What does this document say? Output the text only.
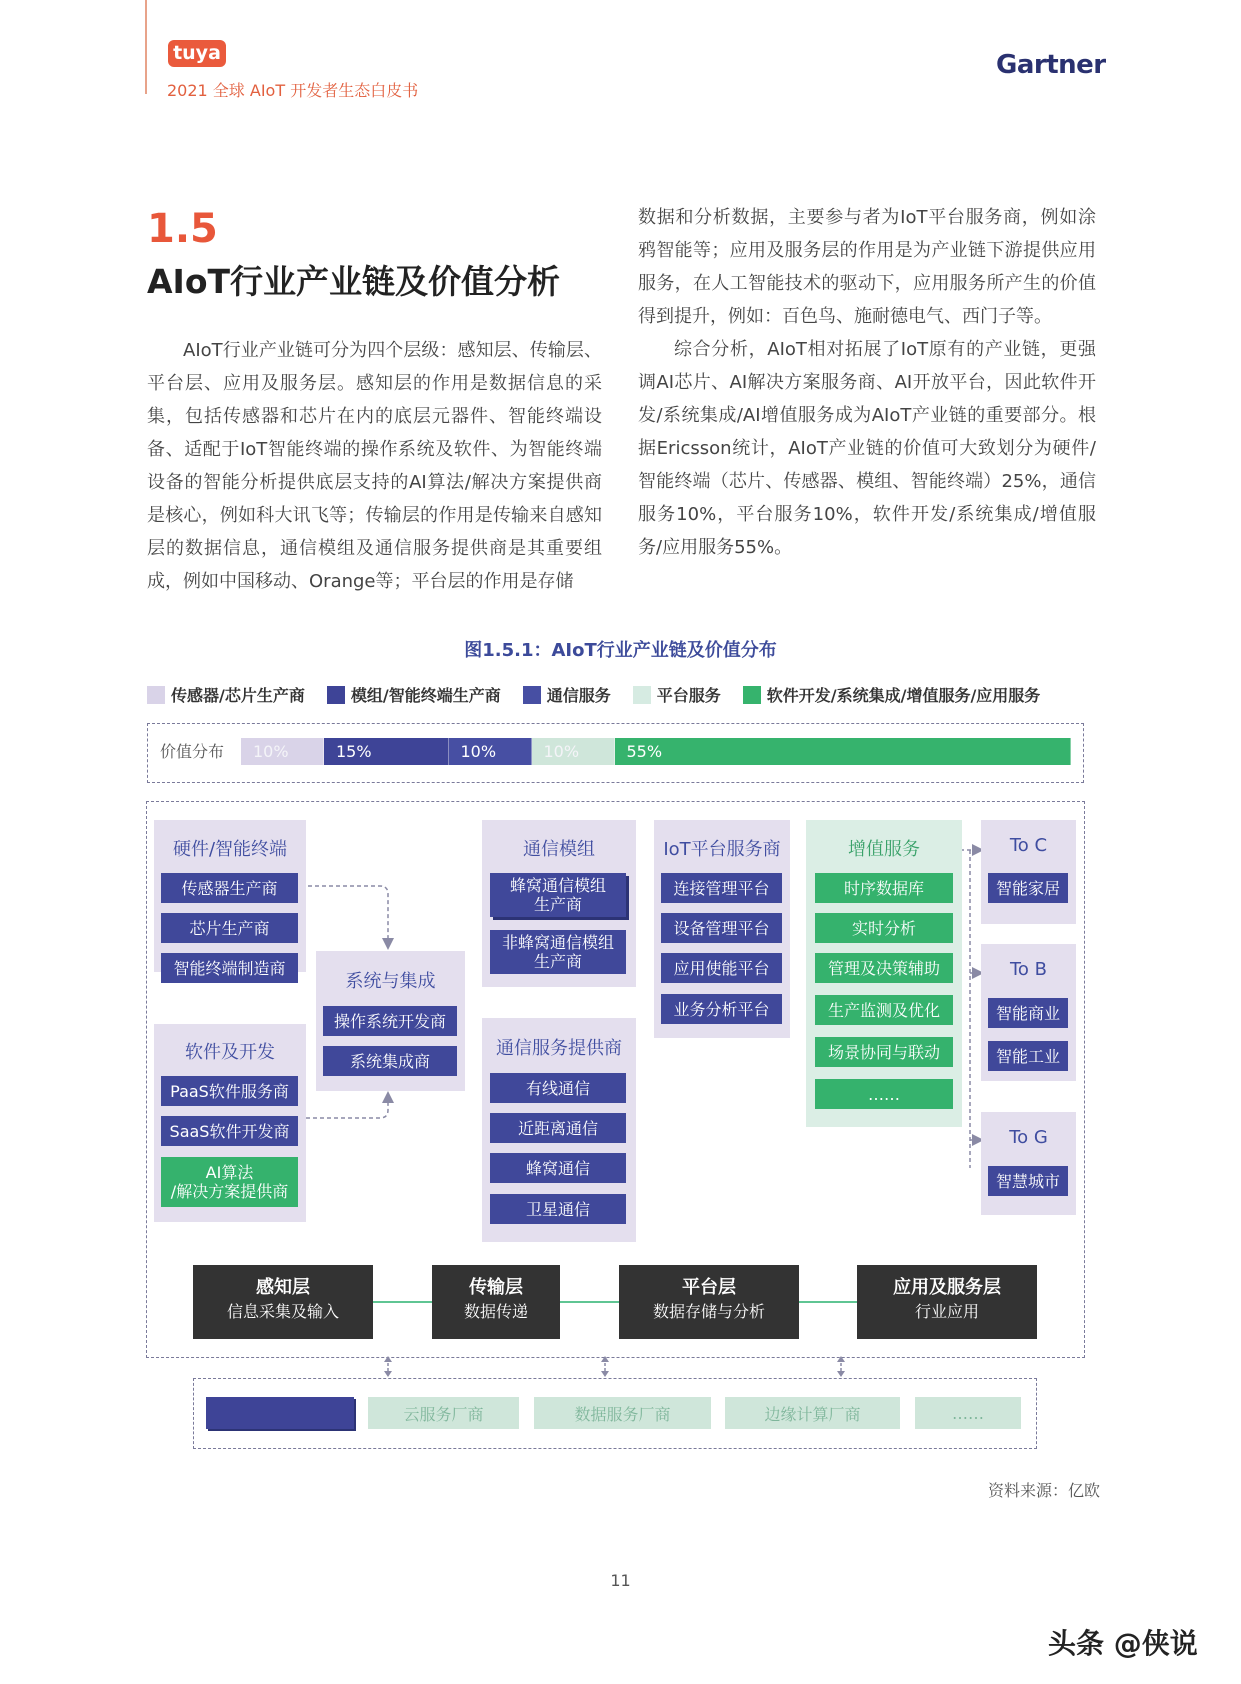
tuya
2021 全球 AIoT 开发者生态白皮书
Gartner
1.5
AIoT行业产业链及价值分析
AIoT行业产业链可分为四个层级：感知层、传输层、平台层、应用及服务层。感知层的作用是数据信息的采集，包括传感器和芯片在内的底层元器件、智能终端设备、适配于IoT智能终端的操作系统及软件、为智能终端设备的智能分析提供底层支持的AI算法/解决方案提供商是核心，例如科大讯飞等；传输层的作用是传输来自感知层的数据信息，通信模组及通信服务提供商是其重要组成，例如中国移动、Orange等；平台层的作用是存储
数据和分析数据，主要参与者为IoT平台服务商，例如涂鸦智能等；应用及服务层的作用是为产业链下游提供应用服务，在人工智能技术的驱动下，应用服务所产生的价值得到提升，例如：百色鸟、施耐德电气、西门子等。
综合分析，AIoT相对拓展了IoT原有的产业链，更强调AI芯片、AI解决方案服务商、AI开放平台，因此软件开发/系统集成/AI增值服务成为AIoT产业链的重要部分。根据Ericsson统计，AIoT产业链的价值可大致划分为硬件/智能终端（芯片、传感器、模组、智能终端）25%，通信服务10%，平台服务10%，软件开发/系统集成/增值服务/应用服务55%。
图1.5.1：AIoT行业产业链及价值分布
传感器/芯片生产商	模组/智能终端生产商	通信服务	平台服务	软件开发/系统集成/增值服务/应用服务
价值分布 10%	15%	10%	10%	55%
硬件/智能终端
传感器生产商
芯片生产商
智能终端制造商
软件及开发
PaaS软件服务商
SaaS软件开发商
AI算法
/解决方案提供商
系统与集成
操作系统开发商
系统集成商
通信模组
蜂窝通信模组
生产商
非蜂窝通信模组
生产商
通信服务提供商
有线通信
近距离通信
蜂窝通信
卫星通信
IoT平台服务商
连接管理平台
设备管理平台
应用使能平台
业务分析平台
增值服务
时序数据库
实时分析
管理及决策辅助
生产监测及优化
场景协同与联动
……
To C
智能家居
To B
智能商业
智能工业
To G
智慧城市
感知层
信息采集及输入
传输层
数据传递
平台层
数据存储与分析
应用及服务层
行业应用
云服务厂商	数据服务厂商	边缘计算厂商	……
资料来源：亿欧
11
头条 @侠说
